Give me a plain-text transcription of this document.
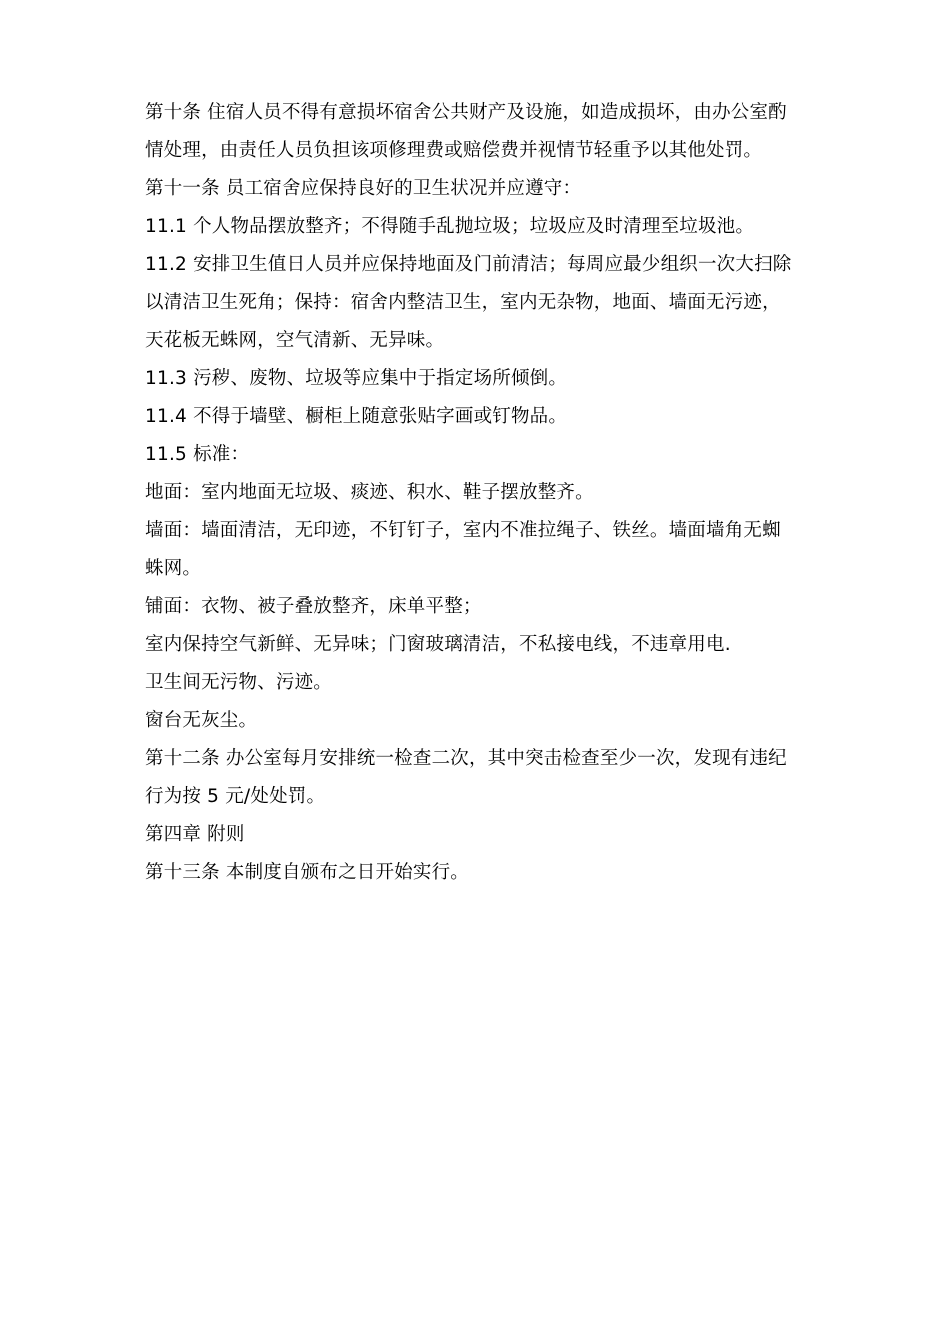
第十条 住宿人员不得有意损坏宿舍公共财产及设施，如造成损坏，由办公室酌
情处理，由责任人员负担该项修理费或赔偿费并视情节轻重予以其他处罚。
第十一条 员工宿舍应保持良好的卫生状况并应遵守：
11.1 个人物品摆放整齐；不得随手乱抛垃圾；垃圾应及时清理至垃圾池。
11.2 安排卫生值日人员并应保持地面及门前清洁；每周应最少组织一次大扫除
以清洁卫生死角；保持：宿舍内整洁卫生，室内无杂物，地面、墙面无污迹，
天花板无蛛网，空气清新、无异味。
11.3 污秽、废物、垃圾等应集中于指定场所倾倒。
11.4 不得于墙壁、橱柜上随意张贴字画或钉物品。
11.5 标准：
地面：室内地面无垃圾、痰迹、积水、鞋子摆放整齐。
墙面：墙面清洁，无印迹，不钉钉子，室内不准拉绳子、铁丝。墙面墙角无蜘
蛛网。
铺面：衣物、被子叠放整齐，床单平整；
室内保持空气新鲜、无异味；门窗玻璃清洁，不私接电线，不违章用电.
卫生间无污物、污迹。
窗台无灰尘。
第十二条 办公室每月安排统一检查二次，其中突击检查至少一次，发现有违纪
行为按 5 元/处处罚。
第四章 附则
第十三条 本制度自颁布之日开始实行。
